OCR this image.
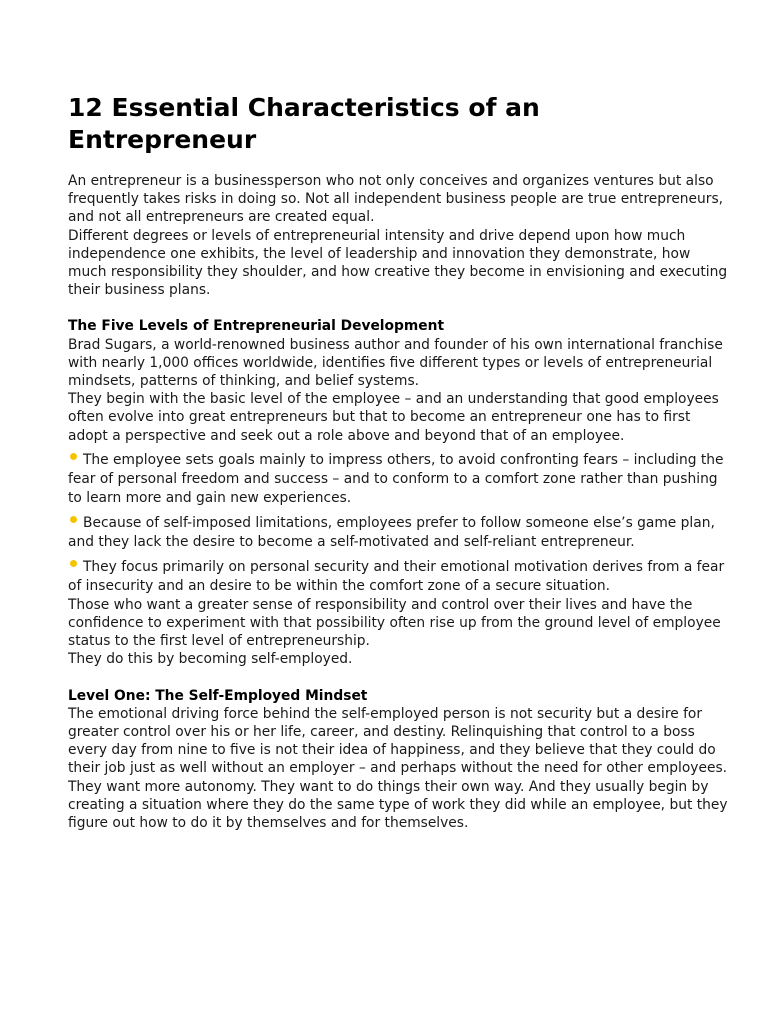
12 Essential Characteristics of an Entrepreneur

An entrepreneur is a businessperson who not only conceives and organizes ventures but also frequently takes risks in doing so. Not all independent business people are true entrepreneurs, and not all entrepreneurs are created equal.

Different degrees or levels of entrepreneurial intensity and drive depend upon how much independence one exhibits, the level of leadership and innovation they demonstrate, how much responsibility they shoulder, and how creative they become in envisioning and executing their business plans.

The Five Levels of Entrepreneurial Development

Brad Sugars, a world-renowned business author and founder of his own international franchise with nearly 1,000 offices worldwide, identifies five different types or levels of entrepreneurial mindsets, patterns of thinking, and belief systems.

They begin with the basic level of the employee – and an understanding that good employees often evolve into great entrepreneurs but that to become an entrepreneur one has to first adopt a perspective and seek out a role above and beyond that of an employee.

The employee sets goals mainly to impress others, to avoid confronting fears – including the fear of personal freedom and success – and to conform to a comfort zone rather than pushing to learn more and gain new experiences.

Because of self-imposed limitations, employees prefer to follow someone else’s game plan, and they lack the desire to become a self-motivated and self-reliant entrepreneur.

They focus primarily on personal security and their emotional motivation derives from a fear of insecurity and an desire to be within the comfort zone of a secure situation.

Those who want a greater sense of responsibility and control over their lives and have the confidence to experiment with that possibility often rise up from the ground level of employee status to the first level of entrepreneurship.

They do this by becoming self-employed.

Level One: The Self-Employed Mindset

The emotional driving force behind the self-employed person is not security but a desire for greater control over his or her life, career, and destiny. Relinquishing that control to a boss every day from nine to five is not their idea of happiness, and they believe that they could do their job just as well without an employer – and perhaps without the need for other employees. They want more autonomy. They want to do things their own way. And they usually begin by creating a situation where they do the same type of work they did while an employee, but they figure out how to do it by themselves and for themselves.
